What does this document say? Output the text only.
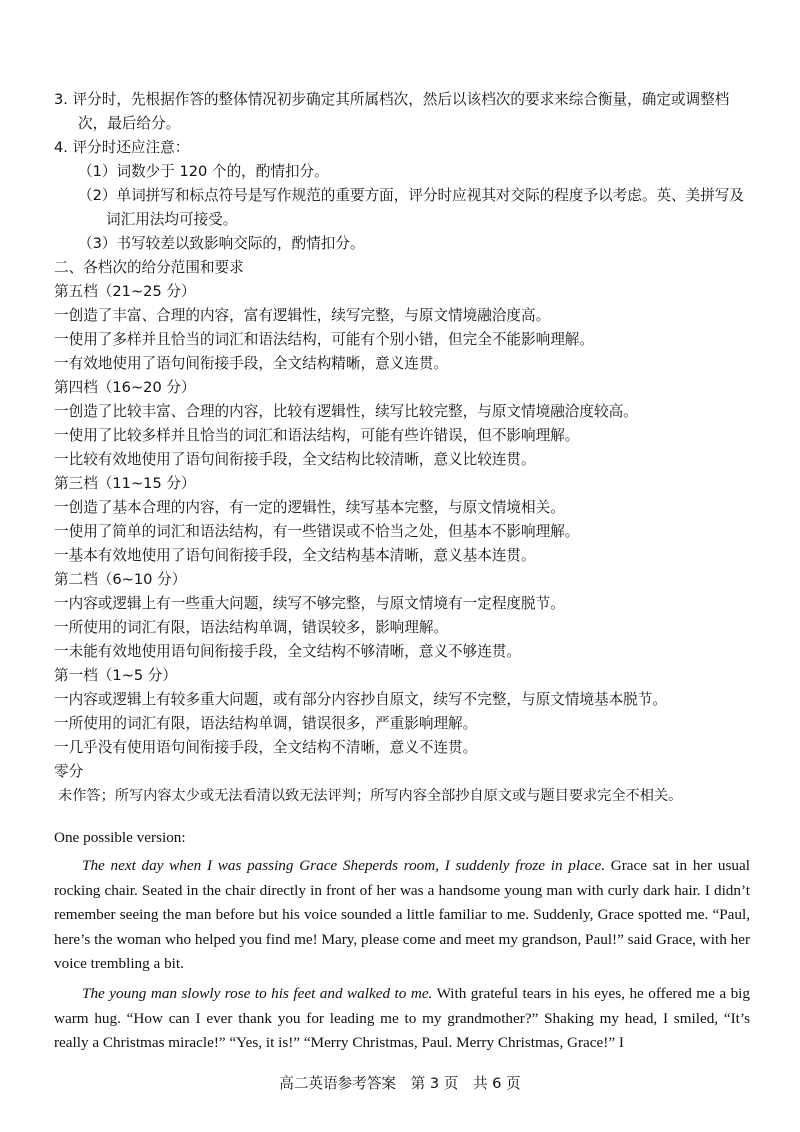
3. 评分时，先根据作答的整体情况初步确定其所属档次，然后以该档次的要求来综合衡量，确定或调整档次，最后给分。
4. 评分时还应注意：
（1）词数少于 120 个的，酌情扣分。
（2）单词拼写和标点符号是写作规范的重要方面，评分时应视其对交际的程度予以考虑。英、美拼写及词汇用法均可接受。
（3）书写较差以致影响交际的，酌情扣分。
二、各档次的给分范围和要求
第五档（21~25 分）
一创造了丰富、合理的内容，富有逻辑性，续写完整，与原文情境融洽度高。
一使用了多样并且恰当的词汇和语法结构，可能有个别小错，但完全不能影响理解。
一有效地使用了语句间衔接手段，全文结构精晰，意义连贯。
第四档（16~20 分）
一创造了比较丰富、合理的内容，比较有逻辑性，续写比较完整，与原文情境融洽度较高。
一使用了比较多样并且恰当的词汇和语法结构，可能有些许错误，但不影响理解。
一比较有效地使用了语句间衔接手段，全文结构比较清晰，意义比较连贯。
第三档（11~15 分）
一创造了基本合理的内容，有一定的逻辑性，续写基本完整，与原文情境相关。
一使用了简单的词汇和语法结构，有一些错误或不恰当之处，但基本不影响理解。
一基本有效地使用了语句间衔接手段，全文结构基本清晰，意义基本连贯。
第二档（6~10 分）
一内容或逻辑上有一些重大问题，续写不够完整，与原文情境有一定程度脱节。
一所使用的词汇有限，语法结构单调，错误较多，影响理解。
一未能有效地使用语句间衔接手段，全文结构不够清晰，意义不够连贯。
第一档（1~5 分）
一内容或逻辑上有较多重大问题，或有部分内容抄自原文，续写不完整，与原文情境基本脱节。
一所使用的词汇有限，语法结构单调，错误很多，严重影响理解。
一几乎没有使用语句间衔接手段，全文结构不清晰，意义不连贯。
零分
未作答；所写内容太少或无法看清以致无法评判；所写内容全部抄自原文或与题目要求完全不相关。

One possible version:

The next day when I was passing Grace Sheperds room, I suddenly froze in place. Grace sat in her usual rocking chair. Seated in the chair directly in front of her was a handsome young man with curly dark hair. I didn’t remember seeing the man before but his voice sounded a little familiar to me. Suddenly, Grace spotted me. “Paul, here’s the woman who helped you find me! Mary, please come and meet my grandson, Paul!” said Grace, with her voice trembling a bit.

The young man slowly rose to his feet and walked to me. With grateful tears in his eyes, he offered me a big warm hug. “How can I ever thank you for leading me to my grandmother?” Shaking my head, I smiled, “It’s really a Christmas miracle!” “Yes, it is!” “Merry Christmas, Paul. Merry Christmas, Grace!” I

高二英语参考答案　第 3 页　共 6 页
